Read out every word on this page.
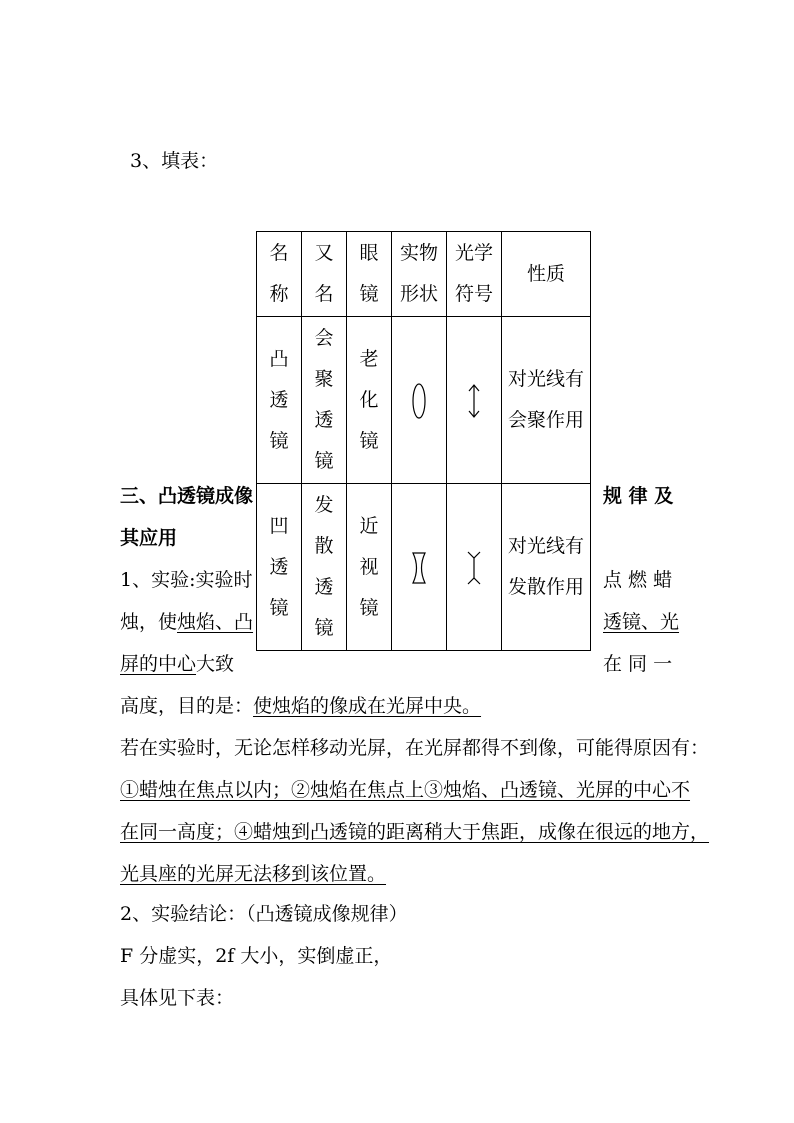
3、填表：
名称	又名	眼镜	实物形状	光学符号	性质
凸透镜	会聚透镜	老化镜			对光线有会聚作用
凹透镜	发散透镜	近视镜			对光线有发散作用
三、凸透镜成像	规 律 及
其应用
1、实验:实验时	点 燃 蜡
烛，使烛焰、凸	透镜、光
屏的中心大致	在 同 一
高度，目的是：使烛焰的像成在光屏中央。
若在实验时，无论怎样移动光屏，在光屏都得不到像，可能得原因有：
①蜡烛在焦点以内；②烛焰在焦点上③烛焰、凸透镜、光屏的中心不
在同一高度；④蜡烛到凸透镜的距离稍大于焦距，成像在很远的地方，
光具座的光屏无法移到该位置。
2、实验结论：（凸透镜成像规律）
F 分虚实，2f 大小，实倒虚正，
具体见下表：
